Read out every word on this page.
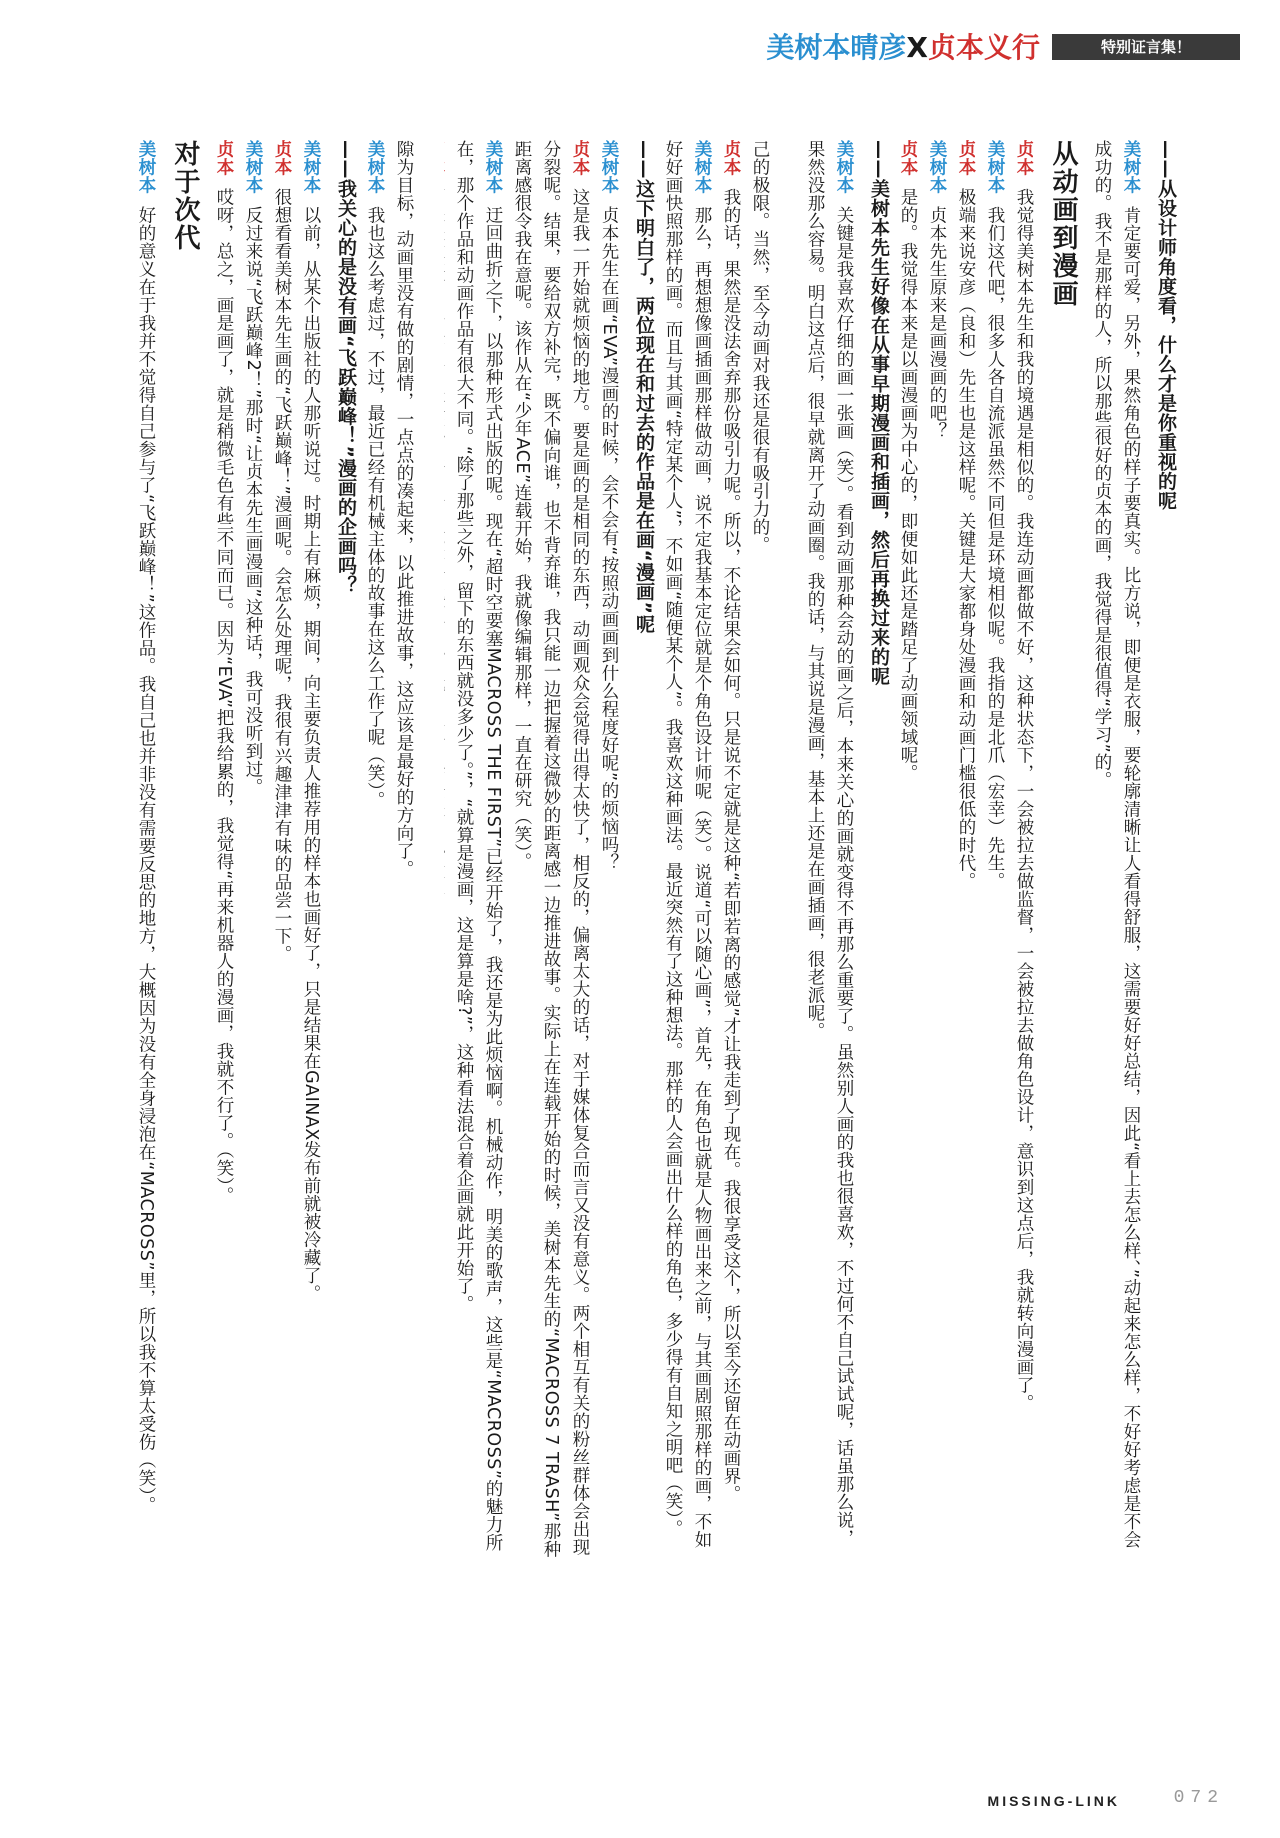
美树本晴彦X贞本义行	特别证言集！

—— 从设计师角度看，什么才是你重视的呢

美树本 肯定要可爱，另外，果然角色的样子要真实。比方说，即便是衣服，要轮廓清晰让人看得舒服，这需要好好总结，因此“看上去怎么样、”动起来怎么样，不好好考虑是不会成功的。我不是那样的人，所以那些很好的贞本的画，我觉得是很值得“学习”的。

从动画到漫画

贞本 我觉得美树本先生和我的境遇是相似的。我连动画都做不好，这种状态下，一会被拉去做监督，一会被拉去做角色设计，意识到这点后，我就转向漫画了。

美树本 我们这代吧，很多人各自流派虽然不同但是环境相似呢。我指的是北爪（宏幸）先生。

贞本 极端来说安彦（良和）先生也是这样呢。关键是大家都身处漫画和动画门槛很低的时代。

美树本 贞本先生原来是画漫画的吧？

贞本 是的。我觉得本来是以画漫画为中心的，即便如此还是踏足了动画领域呢。

—— 美树本先生好像在从事早期漫画和插画，然后再换过来的呢

美树本 关键是我喜欢仔细的画一张画（笑）。看到动画那种会动的画之后，本来关心的画就变得不再那么重要了。虽然别人画的我也很喜欢，不过何不自己试试呢，话虽那么说，果然没那么容易。明白这点后，很早就离开了动画圈。我的话，与其说是漫画，基本上还是在画插画，很老派呢。

己的极限。当然，至今动画对我还是很有吸引力的。

贞本 我的话，果然是没法舍弃那份吸引力呢。所以，不论结果会如何。只是说不定就是这种“若即若离的感觉”才让我走到了现在。我很享受这个，所以至今还留在动画界。

美树本 那么，再想想像画插画那样做动画，说不定我基本定位就是个角色设计师呢（笑）。说道“可以随心画”，首先，在角色也就是人物画出来之前，与其画剧照那样的画，不如好好画快照那样的画。而且与其画“特定某个人”，不如画“随便某个人”。我喜欢这种画法。最近突然有了这种想法。那样的人会画出什么样的角色，多少得有自知之明吧（笑）。

—— 这下明白了，两位现在和过去的作品是在画“漫画”呢

美树本 贞本先生在画“EVA”漫画的时候，会不会有“按照动画画到什么程度好呢”的烦恼吗？

贞本 这是我一开始就烦恼的地方。要是画的是相同的东西，动画观众会觉得出得太快了，相反的，偏离太大的话，对于媒体复合而言又没有意义。两个相互有关的粉丝群体会出现分裂呢。结果，要给双方补完，既不偏向谁，也不背弃谁，我只能一边把握着这微妙的距离感一边推进故事。实际上在连载开始的时候，美树本先生的“MACROSS 7 TRASH”那种距离感很令我在意呢。该作从在“少年ACE”连载开始，我就像编辑那样，一直在研究（笑）。

美树本 迂回曲折之下，以那种形式出版的呢。现在“超时空要塞MACROSS THE FIRST”已经开始了，我还是为此烦恼啊。机械动作，明美的歌声，这些是“MACROSS”的魅力所在，那个作品和动画作品有很大不同。“除了那些之外，留下的东西就没多少了。”，“就算是漫画，这是算是啥?”，这种看法混合着企画就此开始了。

隙为目标，动画里没有做的剧情，一点点的凑起来，以此推进故事，这应该是最好的方向了。

美树本 我也这么考虑过，不过，最近已经有机械主体的故事在这么工作了呢（笑）。

—— 我关心的是没有画“飞跃巅峰！”漫画的企画吗？

美树本 以前，从某个出版社的人那听说过。时期上有麻烦，期间，向主要负责人推荐用的样本也画好了，只是结果在GAINAX发布前就被冷藏了。

贞本 很想看看美树本先生画的“飞跃巅峰！”漫画呢。会怎么处理呢，我很有兴趣津津有味的品尝一下。

美树本 反过来说“飞跃巅峰2！”那时“让贞本先生画漫画”这种话，我可没听到过。

贞本 哎呀，总之，画是画了，就是稍微毛色有些不同而已。因为“EVA”把我给累的，我觉得“再来机器人的漫画，我就不行了。（笑）。

对于次代

美树本 好的意义在于我并不觉得自己参与了“飞跃巅峰！”这作品。我自己也并非没有需要反思的地方，大概因为没有全身浸泡在“MACROSS”里，所以我不算太受伤（笑）。

MISSING-LINK	072
